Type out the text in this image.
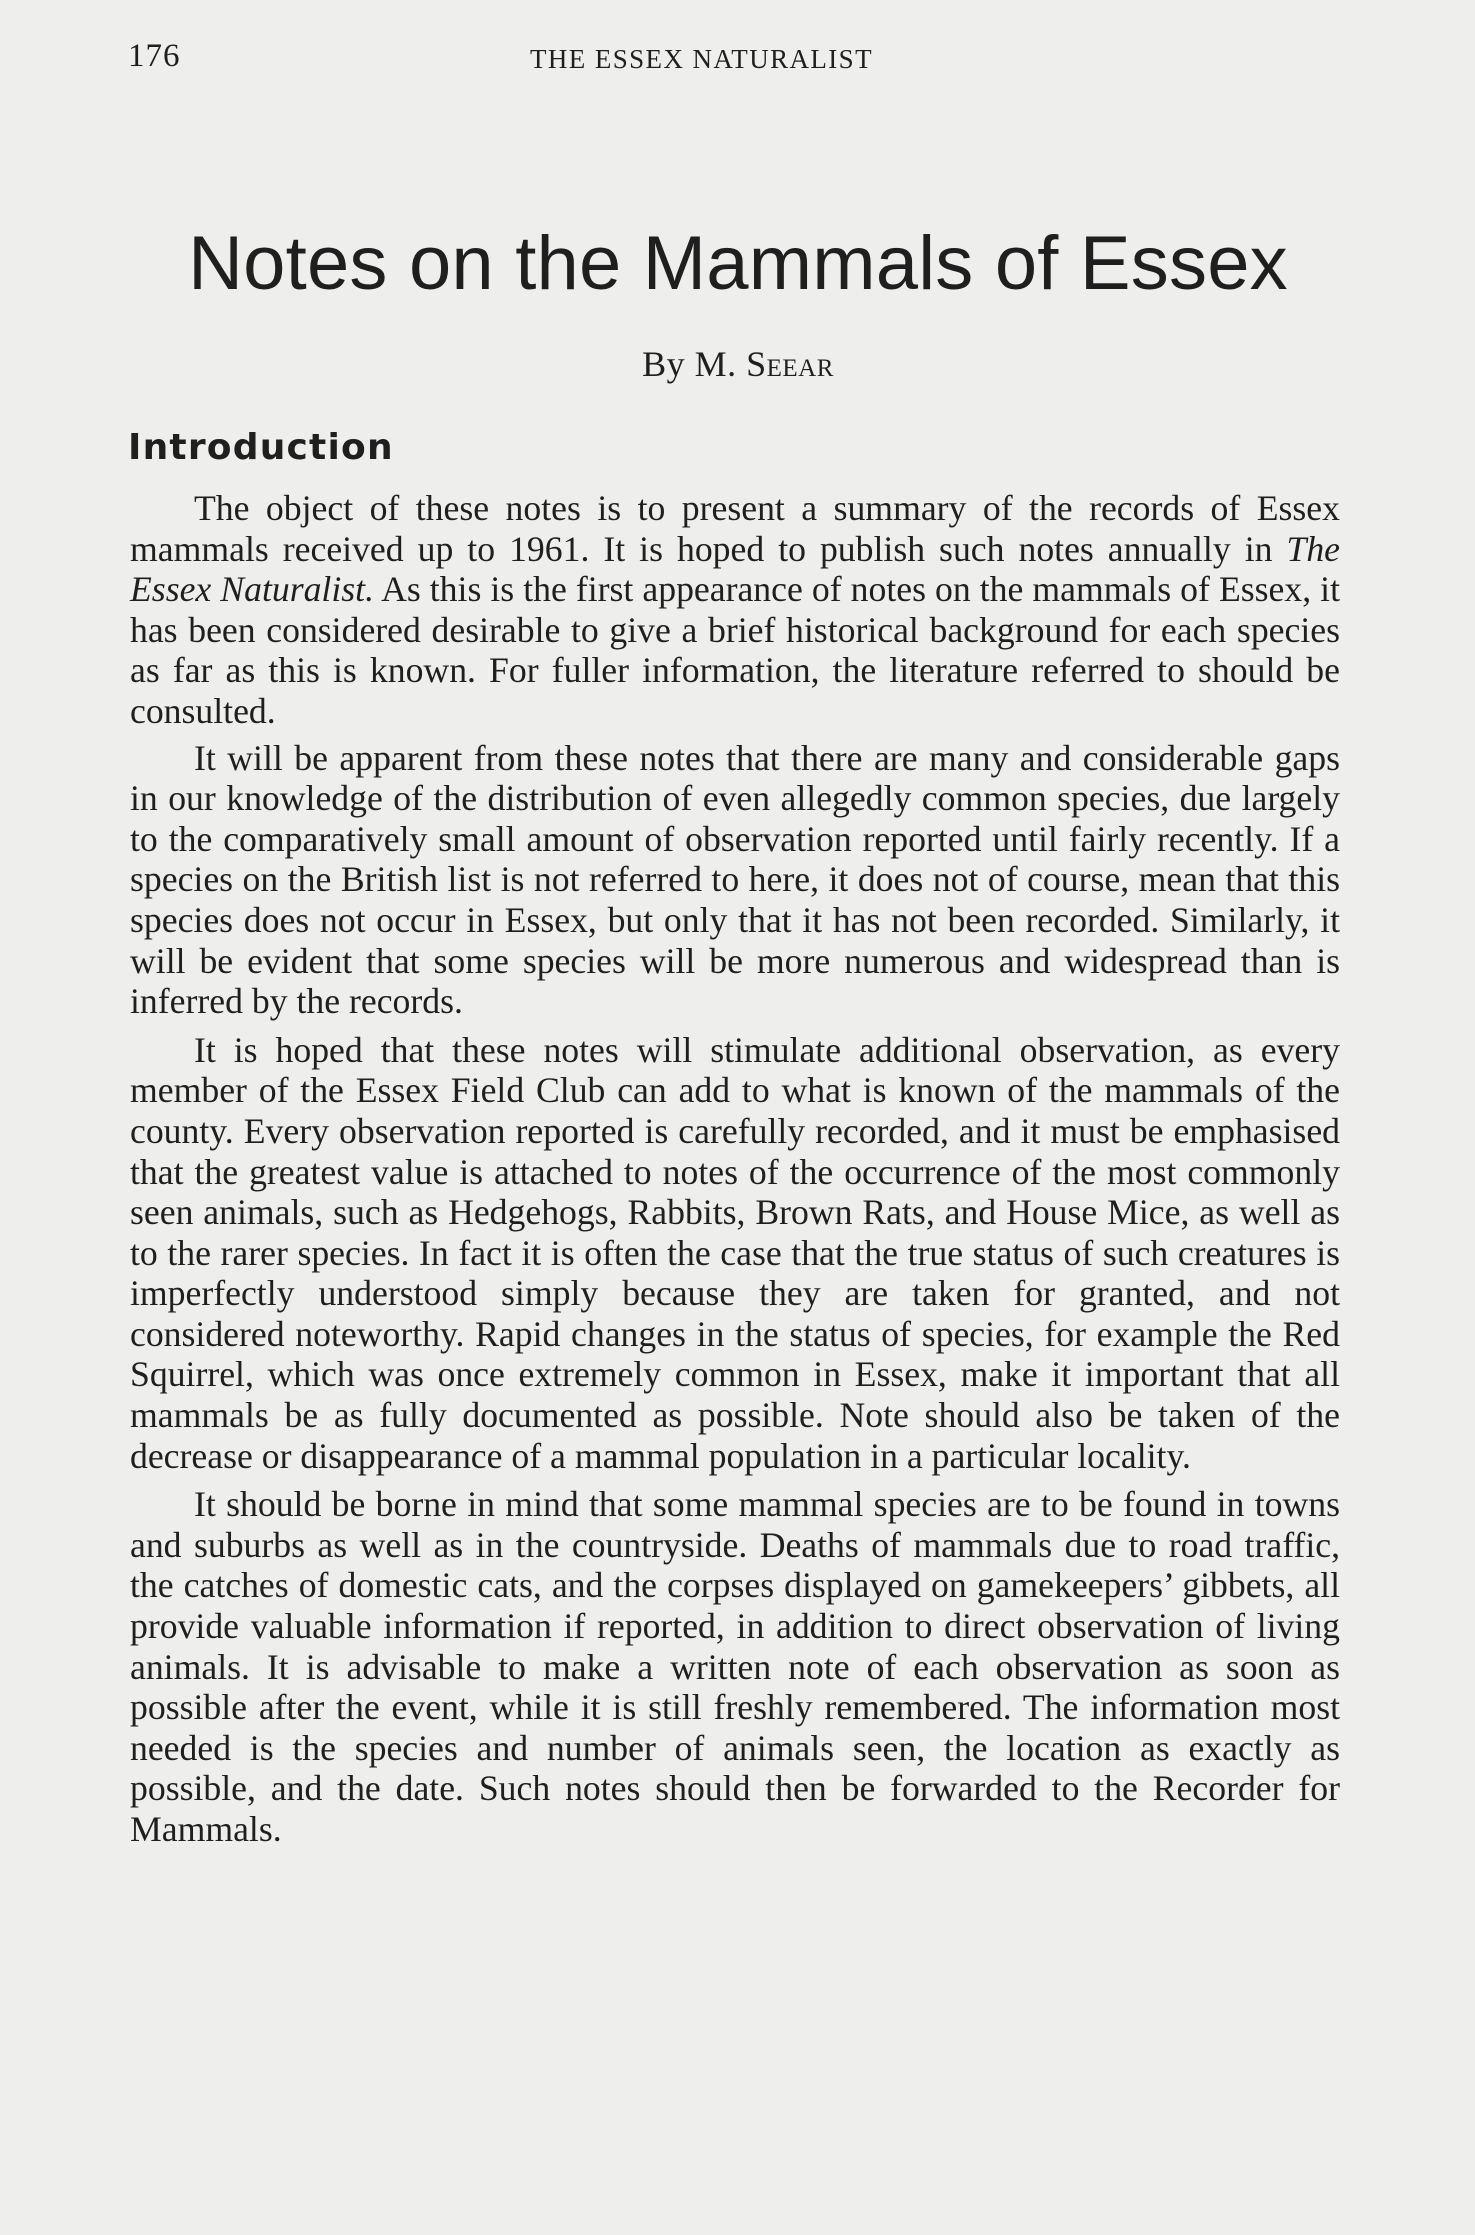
176	THE ESSEX NATURALIST
Notes on the Mammals of Essex
By M. Seear
Introduction

The object of these notes is to present a summary of the records of Essex mammals received up to 1961. It is hoped to publish such notes annually in The Essex Naturalist. As this is the first appearance of notes on the mammals of Essex, it has been considered desirable to give a brief historical background for each species as far as this is known. For fuller information, the literature referred to should be consulted.

It will be apparent from these notes that there are many and considerable gaps in our knowledge of the distribution of even allegedly common species, due largely to the comparatively small amount of observation reported until fairly recently. If a species on the British list is not referred to here, it does not of course, mean that this species does not occur in Essex, but only that it has not been recorded. Similarly, it will be evident that some species will be more numerous and widespread than is inferred by the records.

It is hoped that these notes will stimulate additional observation, as every member of the Essex Field Club can add to what is known of the mammals of the county. Every observation reported is carefully recorded, and it must be emphasised that the greatest value is attached to notes of the occurrence of the most commonly seen animals, such as Hedgehogs, Rabbits, Brown Rats, and House Mice, as well as to the rarer species. In fact it is often the case that the true status of such creatures is imperfectly understood simply because they are taken for granted, and not considered noteworthy. Rapid changes in the status of species, for example the Red Squirrel, which was once extremely common in Essex, make it important that all mammals be as fully documented as possible. Note should also be taken of the decrease or disappearance of a mammal population in a particular locality.

It should be borne in mind that some mammal species are to be found in towns and suburbs as well as in the countryside. Deaths of mammals due to road traffic, the catches of domestic cats, and the corpses displayed on gamekeepers’ gibbets, all provide valuable information if reported, in addition to direct observation of living animals. It is advisable to make a written note of each observation as soon as possible after the event, while it is still freshly remembered. The information most needed is the species and number of animals seen, the location as exactly as possible, and the date. Such notes should then be forwarded to the Recorder for Mammals.
